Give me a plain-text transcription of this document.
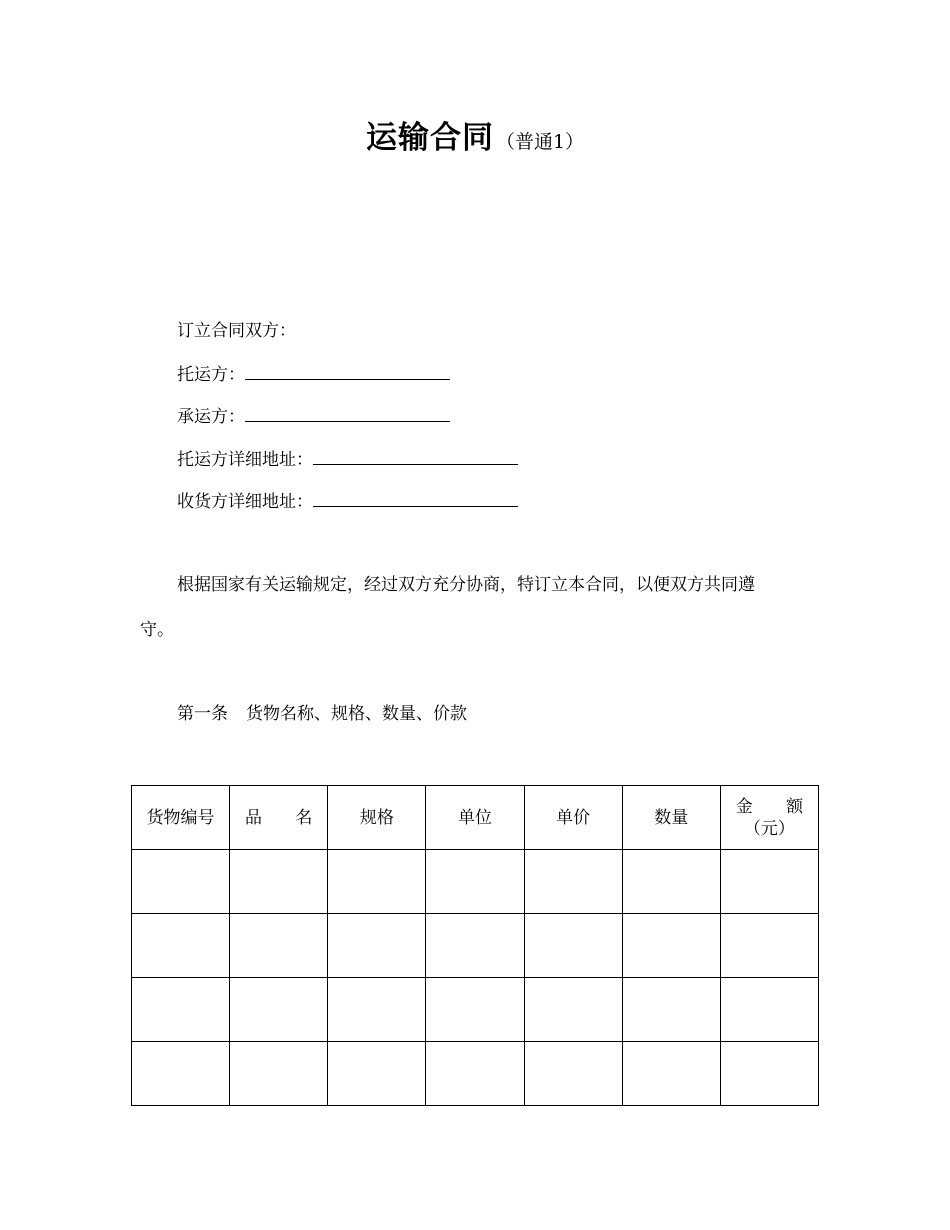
运输合同 （普通1）
订立合同双方：
托运方：
承运方：
托运方详细地址：
收货方详细地址：
根据国家有关运输规定，经过双方充分协商，特订立本合同，以便双方共同遵
守。
第一条 货物名称、规格、数量、价款
货物编号	品 名	规格	单位	单价	数量	金 额
（元）
